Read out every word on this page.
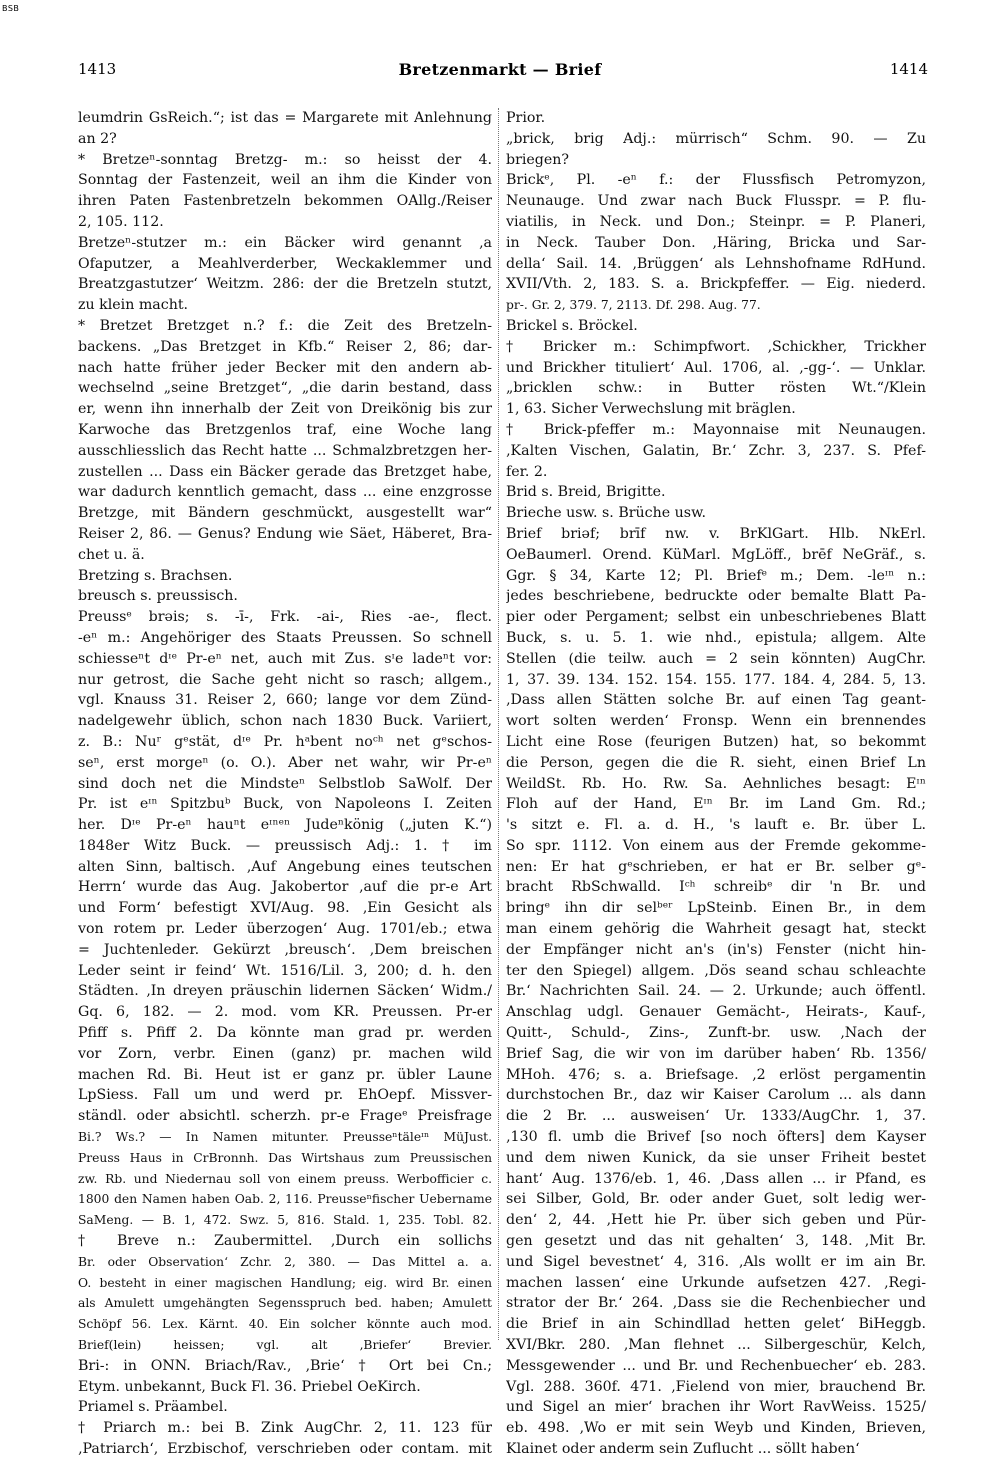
BSB
1413	Bretzenmarkt — Brief	1414
leumdrin GsReich.“; ist das = Margarete mit Anlehnung
an 2?
* Bretzeⁿ-sonntag Bretzg- m.: so heisst der 4.
Sonntag der Fastenzeit, weil an ihm die Kinder von
ihren Paten Fastenbretzeln bekommen OAllg./Reiser
2, 105. 112.
Bretzeⁿ-stutzer m.: ein Bäcker wird genannt ‚a
Ofaputzer, a Meahlverderber, Weckaklemmer und
Breatzgastutzer‘ Weitzm. 286: der die Bretzeln stutzt,
zu klein macht.
* Bretzet Bretzget n.? f.: die Zeit des Bretzeln-
backens. „Das Bretzget in Kfb.“ Reiser 2, 86; dar-
nach hatte früher jeder Becker mit den andern ab-
wechselnd „seine Bretzget“, „die darin bestand, dass
er, wenn ihn innerhalb der Zeit von Dreikönig bis zur
Karwoche das Bretzgenlos traf, eine Woche lang
ausschliesslich das Recht hatte ... Schmalzbretzgen her-
zustellen ... Dass ein Bäcker gerade das Bretzget habe,
war dadurch kenntlich gemacht, dass ... eine enzgrosse
Bretzge, mit Bändern geschmückt, ausgestellt war“
Reiser 2, 86. — Genus? Endung wie Säet, Häberet, Bra-
chet u. ä.
Bretzing s. Brachsen.
breusch s. preussisch.
Preussᵉ brəis; s. -ī-, Frk. -ai-, Ries -ae-, flect.
-eⁿ m.: Angehöriger des Staats Preussen. So schnell
schiesseⁿt dᶦᵉ Pr-eⁿ net, auch mit Zus. sᶦe ladeⁿt vor:
nur getrost, die Sache geht nicht so rasch; allgem.,
vgl. Knauss 31. Reiser 2, 660; lange vor dem Zünd-
nadelgewehr üblich, schon nach 1830 Buck. Variiert,
z. B.: Nuʳ gᵉstät, dᶦᵉ Pr. hᵃbent noᶜʰ net gᵉschos-
seⁿ, erst morgeⁿ (o. O.). Aber net wahr, wir Pr-eⁿ
sind doch net die Mindsteⁿ Selbstlob SaWolf. Der
Pr. ist eᶦⁿ Spitzbuᵇ Buck, von Napoleons I. Zeiten
her. Dᶦᵉ Pr-eⁿ hauⁿt eᶦⁿᵉⁿ Judeⁿkönig („juten K.“)
1848er Witz Buck. — preussisch Adj.: 1. † im
alten Sinn, baltisch. ‚Auf Angebung eines teutschen
Herrn‘ wurde das Aug. Jakobertor ‚auf die pr-e Art
und Form‘ befestigt XVI/Aug. 98. ‚Ein Gesicht als
von rotem pr. Leder überzogen‘ Aug. 1701/eb.; etwa
= Juchtenleder. Gekürzt ‚breusch‘. ‚Dem breischen
Leder seint ir feind‘ Wt. 1516/Lil. 3, 200; d. h. den
Städten. ‚In dreyen präuschin lidernen Säcken‘ Widm./
Gq. 6, 182. — 2. mod. vom KR. Preussen. Pr-er
Pfiff s. Pfiff 2. Da könnte man grad pr. werden
vor Zorn, verbr. Einen (ganz) pr. machen wild
machen Rd. Bi. Heut ist er ganz pr. übler Laune
LpSiess. Fall um und werd pr. EhOepf. Missver-
ständl. oder absichtl. scherzh. pr-e Frageᵉ Preisfrage
Bi.? Ws.? — In Namen mitunter. Preusseⁿtäleᶦⁿ MüJust.
Preuss Haus in CrBronnh. Das Wirtshaus zum Preussischen
zw. Rb. und Niedernau soll von einem preuss. Werbofficier c.
1800 den Namen haben Oab. 2, 116. Preusseⁿfischer Uebername
SaMeng. — B. 1, 472. Swz. 5, 816. Stald. 1, 235. Tobl. 82.
† Breve n.: Zaubermittel. ‚Durch ein sollichs
Br. oder Observation‘ Zchr. 2, 380. — Das Mittel a. a.
O. besteht in einer magischen Handlung; eig. wird Br. einen
als Amulett umgehängten Segensspruch bed. haben; Amulett
Schöpf 56. Lex. Kärnt. 40. Ein solcher könnte auch mod.
Brief(lein) heissen; vgl. alt ‚Briefer‘ Brevier.
Bri-: in ONN. Briach/Rav., ‚Brie‘ † Ort bei Cn.;
Etym. unbekannt, Buck Fl. 36. Priebel OeKirch.
Priamel s. Präambel.
† Priarch m.: bei B. Zink AugChr. 2, 11. 123 für
‚Patriarch‘, Erzbischof, verschrieben oder contam. mit
Prior.
„brick, brig Adj.: mürrisch“ Schm. 90. — Zu
briegen?
Brickᵉ, Pl. -eⁿ f.: der Flussfisch Petromyzon,
Neunauge. Und zwar nach Buck Flusspr. = P. flu-
viatilis, in Neck. und Don.; Steinpr. = P. Planeri,
in Neck. Tauber Don. ‚Häring, Bricka und Sar-
della‘ Sail. 14. ‚Brüggen‘ als Lehnshofname RdHund.
XVII/Vth. 2, 183. S. a. Brickpfeffer. — Eig. niederd.
pr-. Gr. 2, 379. 7, 2113. Df. 298. Aug. 77.
Brickel s. Bröckel.
† Bricker m.: Schimpfwort. ‚Schickher, Trickher
und Brickher tituliert‘ Aul. 1706, al. ‚-gg-‘. — Unklar.
„bricklen schw.: in Butter rösten Wt.“/Klein
1, 63. Sicher Verwechslung mit bräglen.
† Brick-pfeffer m.: Mayonnaise mit Neunaugen.
‚Kalten Vischen, Galatin, Br.‘ Zchr. 3, 237. S. Pfef-
fer. 2.
Brid s. Breid, Brigitte.
Brieche usw. s. Brüche usw.
Brief briəf; brīf nw. v. BrKlGart. Hlb. NkErl.
OeBaumerl. Orend. KüMarl. MgLöff., brēf NeGräf., s.
Ggr. § 34, Karte 12; Pl. Briefᵉ m.; Dem. -leᶦⁿ n.:
jedes beschriebene, bedruckte oder bemalte Blatt Pa-
pier oder Pergament; selbst ein unbeschriebenes Blatt
Buck, s. u. 5. 1. wie nhd., epistula; allgem. Alte
Stellen (die teilw. auch = 2 sein könnten) AugChr.
1, 37. 39. 134. 152. 154. 155. 177. 184. 4, 284. 5, 13.
‚Dass allen Stätten solche Br. auf einen Tag geant-
wort solten werden‘ Fronsp. Wenn ein brennendes
Licht eine Rose (feurigen Butzen) hat, so bekommt
die Person, gegen die die R. sieht, einen Brief Ln
WeildSt. Rb. Ho. Rw. Sa. Aehnliches besagt: Eᶦⁿ
Floh auf der Hand, Eᶦⁿ Br. im Land Gm. Rd.;
's sitzt e. Fl. a. d. H., 's lauft e. Br. über L.
So spr. 1112. Von einem aus der Fremde gekomme-
nen: Er hat gᵉschrieben, er hat er Br. selber gᵉ-
bracht RbSchwalld. Iᶜʰ schreibᵉ dir 'n Br. und
bringᵉ ihn dir selᵇᵉʳ LpSteinb. Einen Br., in dem
man einem gehörig die Wahrheit gesagt hat, steckt
der Empfänger nicht an's (in's) Fenster (nicht hin-
ter den Spiegel) allgem. ‚Dös seand schau schleachte
Br.‘ Nachrichten Sail. 24. — 2. Urkunde; auch öffentl.
Anschlag udgl. Genauer Gemächt-, Heirats-, Kauf-,
Quitt-, Schuld-, Zins-, Zunft-br. usw. ‚Nach der
Brief Sag, die wir von im darüber haben‘ Rb. 1356/
MHoh. 476; s. a. Briefsage. ‚2 erlöst pergamentin
durchstochen Br., daz wir Kaiser Carolum ... als dann
die 2 Br. ... ausweisen‘ Ur. 1333/AugChr. 1, 37.
‚130 fl. umb die Brivef [so noch öfters] dem Kayser
und dem niwen Kunick, da sie unser Friheit bestet
hant‘ Aug. 1376/eb. 1, 46. ‚Dass allen ... ir Pfand, es
sei Silber, Gold, Br. oder ander Guet, solt ledig wer-
den‘ 2, 44. ‚Hett hie Pr. über sich geben und Pür-
gen gesetzt und das nit gehalten‘ 3, 148. ‚Mit Br.
und Sigel bevestnet‘ 4, 316. ‚Als wollt er im ain Br.
machen lassen‘ eine Urkunde aufsetzen 427. ‚Regi-
strator der Br.‘ 264. ‚Dass sie die Rechenbiecher und
die Brief in ain Schindllad hetten gelet‘ BiHeggb.
XVI/Bkr. 280. ‚Man flehnet ... Silbergeschür, Kelch,
Messgewender ... und Br. und Rechenbuecher‘ eb. 283.
Vgl. 288. 360f. 471. ‚Fielend von mier, brauchend Br.
und Sigel an mier‘ brachen ihr Wort RavWeiss. 1525/
eb. 498. ‚Wo er mit sein Weyb und Kinden, Brieven,
Klainet oder anderm sein Zuflucht ... söllt haben‘
